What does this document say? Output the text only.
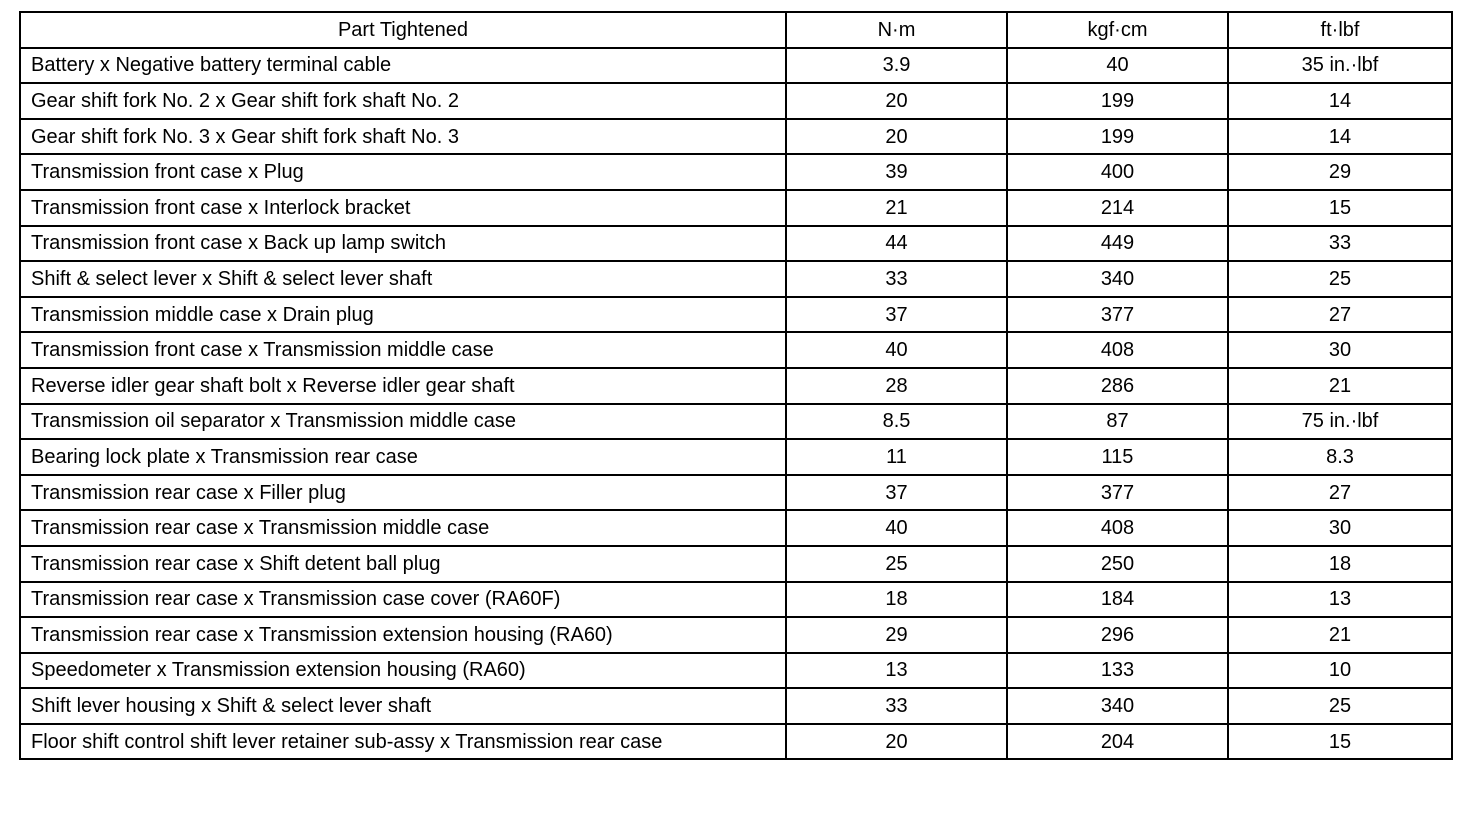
Part Tightened	N·m	kgf·cm	ft·lbf
Battery x Negative battery terminal cable	3.9	40	35 in.·lbf
Gear shift fork No. 2 x Gear shift fork shaft No. 2	20	199	14
Gear shift fork No. 3 x Gear shift fork shaft No. 3	20	199	14
Transmission front case x Plug	39	400	29
Transmission front case x Interlock bracket	21	214	15
Transmission front case x Back up lamp switch	44	449	33
Shift & select lever x Shift & select lever shaft	33	340	25
Transmission middle case x Drain plug	37	377	27
Transmission front case x Transmission middle case	40	408	30
Reverse idler gear shaft bolt x Reverse idler gear shaft	28	286	21
Transmission oil separator x Transmission middle case	8.5	87	75 in.·lbf
Bearing lock plate x Transmission rear case	11	115	8.3
Transmission rear case x Filler plug	37	377	27
Transmission rear case x Transmission middle case	40	408	30
Transmission rear case x Shift detent ball plug	25	250	18
Transmission rear case x Transmission case cover (RA60F)	18	184	13
Transmission rear case x Transmission extension housing (RA60)	29	296	21
Speedometer x Transmission extension housing (RA60)	13	133	10
Shift lever housing x Shift & select lever shaft	33	340	25
Floor shift control shift lever retainer sub-assy x Transmission rear case	20	204	15
